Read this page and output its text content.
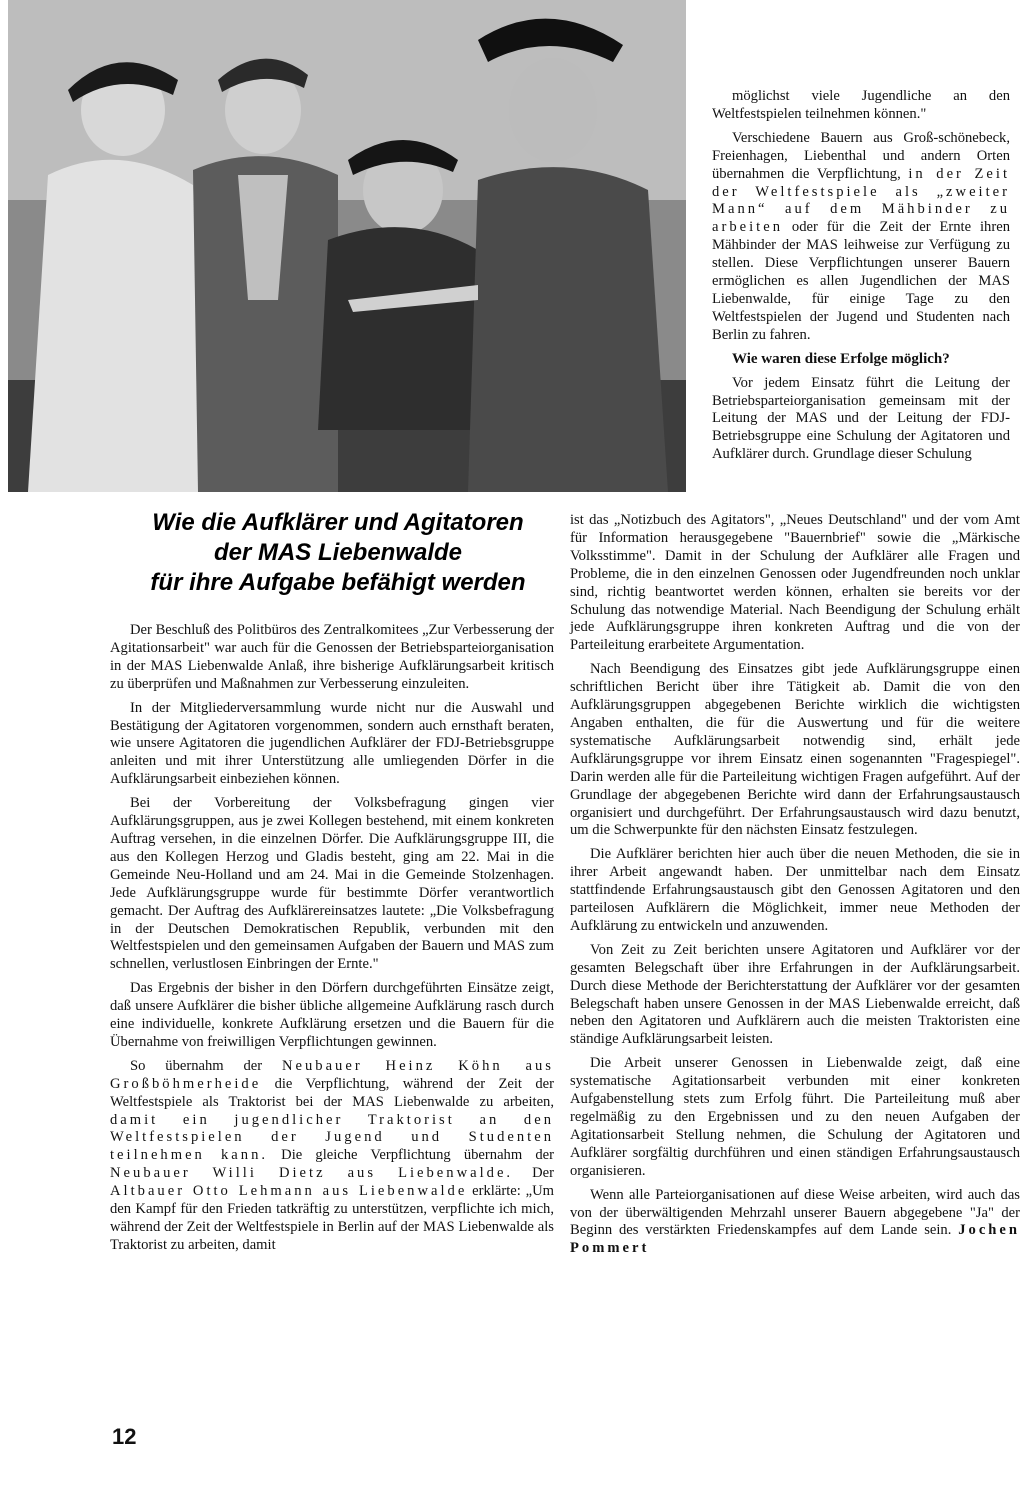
Wie die Aufklärer und Agitatoren
der MAS Liebenwalde
für ihre Aufgabe befähigt werden

möglichst viele Jugendliche an den Weltfestspielen teilnehmen können."

Verschiedene Bauern aus Groß-schönebeck, Freienhagen, Liebenthal und andern Orten übernahmen die Verpflichtung, in der Zeit der Weltfestspiele als „zweiter Mann“ auf dem Mähbinder zu arbeiten oder für die Zeit der Ernte ihren Mähbinder der MAS leihweise zur Verfügung zu stellen. Diese Verpflichtungen unserer Bauern ermöglichen es allen Jugendlichen der MAS Liebenwalde, für einige Tage zu den Weltfestspielen der Jugend und Studenten nach Berlin zu fahren.

Wie waren diese Erfolge möglich?

Vor jedem Einsatz führt die Leitung der Betriebsparteiorganisation gemeinsam mit der Leitung der MAS und der Leitung der FDJ-Betriebsgruppe eine Schulung der Agitatoren und Aufklärer durch. Grundlage dieser Schulung

Der Beschluß des Politbüros des Zentralkomitees „Zur Verbesserung der Agitationsarbeit" war auch für die Genossen der Betriebsparteiorganisation in der MAS Liebenwalde Anlaß, ihre bisherige Aufklärungsarbeit kritisch zu überprüfen und Maßnahmen zur Verbesserung einzuleiten.

In der Mitgliederversammlung wurde nicht nur die Auswahl und Bestätigung der Agitatoren vorgenommen, sondern auch ernsthaft beraten, wie unsere Agitatoren die jugendlichen Aufklärer der FDJ-Betriebsgruppe anleiten und mit ihrer Unterstützung alle umliegenden Dörfer in die Aufklärungsarbeit einbeziehen können.

Bei der Vorbereitung der Volksbefragung gingen vier Aufklärungsgruppen, aus je zwei Kollegen bestehend, mit einem konkreten Auftrag versehen, in die einzelnen Dörfer. Die Aufklärungsgruppe III, die aus den Kollegen Herzog und Gladis besteht, ging am 22. Mai in die Gemeinde Neu-Holland und am 24. Mai in die Gemeinde Stolzenhagen. Jede Aufklärungsgruppe wurde für bestimmte Dörfer verantwortlich gemacht. Der Auftrag des Aufklärereinsatzes lautete: „Die Volksbefragung in der Deutschen Demokratischen Republik, verbunden mit den Weltfestspielen und den gemeinsamen Aufgaben der Bauern und MAS zum schnellen, verlustlosen Einbringen der Ernte."

Das Ergebnis der bisher in den Dörfern durchgeführten Einsätze zeigt, daß unsere Aufklärer die bisher übliche allgemeine Aufklärung rasch durch eine individuelle, konkrete Aufklärung ersetzen und die Bauern für die Übernahme von freiwilligen Verpflichtungen gewinnen.

So übernahm der Neubauer Heinz Köhn aus Großböhmerheide die Verpflichtung, während der Zeit der Weltfestspiele als Traktorist bei der MAS Liebenwalde zu arbeiten, damit ein jugendlicher Traktorist an den Weltfestspielen der Jugend und Studenten teilnehmen kann. Die gleiche Verpflichtung übernahm der Neubauer Willi Dietz aus Liebenwalde. Der Altbauer Otto Lehmann aus Liebenwalde erklärte: „Um den Kampf für den Frieden tatkräftig zu unterstützen, verpflichte ich mich, während der Zeit der Weltfestspiele in Berlin auf der MAS Liebenwalde als Traktorist zu arbeiten, damit

ist das „Notizbuch des Agitators", „Neues Deutschland" und der vom Amt für Information herausgegebene "Bauernbrief" sowie die „Märkische Volksstimme". Damit in der Schulung der Aufklärer alle Fragen und Probleme, die in den einzelnen Genossen oder Jugendfreunden noch unklar sind, richtig beantwortet werden können, erhalten sie bereits vor der Schulung das notwendige Material. Nach Beendigung der Schulung erhält jede Aufklärungsgruppe ihren konkreten Auftrag und die von der Parteileitung erarbeitete Argumentation.

Nach Beendigung des Einsatzes gibt jede Aufklärungsgruppe einen schriftlichen Bericht über ihre Tätigkeit ab. Damit die von den Aufklärungsgruppen abgegebenen Berichte wirklich die wichtigsten Angaben enthalten, die für die Auswertung und für die weitere systematische Aufklärungsarbeit notwendig sind, erhält jede Aufklärungsgruppe vor ihrem Einsatz einen sogenannten "Fragespiegel". Darin werden alle für die Parteileitung wichtigen Fragen aufgeführt. Auf der Grundlage der abgegebenen Berichte wird dann der Erfahrungsaustausch organisiert und durchgeführt. Der Erfahrungsaustausch wird dazu benutzt, um die Schwerpunkte für den nächsten Einsatz festzulegen.

Die Aufklärer berichten hier auch über die neuen Methoden, die sie in ihrer Arbeit angewandt haben. Der unmittelbar nach dem Einsatz stattfindende Erfahrungsaustausch gibt den Genossen Agitatoren und den parteilosen Aufklärern die Möglichkeit, immer neue Methoden der Aufklärung zu entwickeln und anzuwenden.

Von Zeit zu Zeit berichten unsere Agitatoren und Aufklärer vor der gesamten Belegschaft über ihre Erfahrungen in der Aufklärungsarbeit. Durch diese Methode der Berichterstattung der Aufklärer vor der gesamten Belegschaft haben unsere Genossen in der MAS Liebenwalde erreicht, daß neben den Agitatoren und Aufklärern auch die meisten Traktoristen eine ständige Aufklärungsarbeit leisten.

Die Arbeit unserer Genossen in Liebenwalde zeigt, daß eine systematische Agitationsarbeit verbunden mit einer konkreten Aufgabenstellung stets zum Erfolg führt. Die Parteileitung muß aber regelmäßig zu den Ergebnissen und zu den neuen Aufgaben der Agitationsarbeit Stellung nehmen, die Schulung der Agitatoren und Aufklärer sorgfältig durchführen und einen ständigen Erfahrungsaustausch organisieren.

Wenn alle Parteiorganisationen auf diese Weise arbeiten, wird auch das von der überwältigenden Mehrzahl unserer Bauern abgegebene "Ja" der Beginn des verstärkten Friedenskampfes auf dem Lande sein. Jochen Pommert

12
